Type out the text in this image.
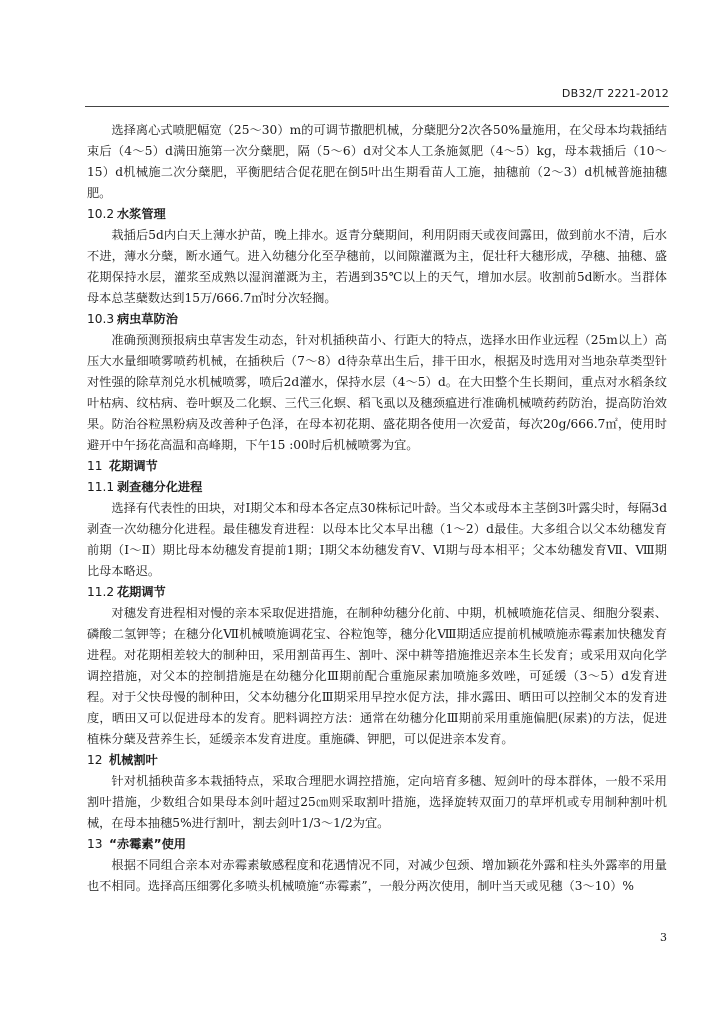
DB32/T 2221-2012

选择离心式喷肥幅宽（25～30）m的可调节撒肥机械，分蘖肥分2次各50%量施用，在父母本均栽插结束后（4～5）d满田施第一次分蘖肥，隔（5～6）d对父本人工条施氮肥（4～5）kg，母本栽插后（10～15）d机械施二次分蘖肥，平衡肥结合促花肥在倒5叶出生期看苗人工施，抽穗前（2～3）d机械普施抽穗肥。

10.2 水浆管理

栽插后5d内白天上薄水护苗，晚上排水。返青分蘖期间，利用阴雨天或夜间露田，做到前水不清，后水不进，薄水分蘖，断水通气。进入幼穗分化至孕穗前，以间隙灌溉为主，促壮秆大穗形成，孕穗、抽穗、盛花期保持水层，灌浆至成熟以湿润灌溉为主，若遇到35℃以上的天气，增加水层。收割前5d断水。当群体母本总茎蘖数达到15万/666.7㎡时分次轻搁。

10.3 病虫草防治

准确预测预报病虫草害发生动态，针对机插秧苗小、行距大的特点，选择水田作业远程（25m以上）高压大水量细喷雾喷药机械，在插秧后（7～8）d待杂草出生后，排干田水，根据及时选用对当地杂草类型针对性强的除草剂兑水机械喷雾，喷后2d灌水，保持水层（4～5）d。在大田整个生长期间，重点对水稻条纹叶枯病、纹枯病、卷叶螟及二化螟、三代三化螟、稻飞虱以及穗颈瘟进行准确机械喷药药防治，提高防治效果。防治谷粒黑粉病及改善种子色泽，在母本初花期、盛花期各使用一次爱苗，每次20g/666.7㎡，使用时避开中午扬花高温和高峰期，下午15 :00时后机械喷雾为宜。

11 花期调节

11.1 剥查穗分化进程

选择有代表性的田块，对Ⅰ期父本和母本各定点30株标记叶龄。当父本或母本主茎倒3叶露尖时，每隔3d剥查一次幼穗分化进程。最佳穗发育进程：以母本比父本早出穗（1～2）d最佳。大多组合以父本幼穗发育前期（Ⅰ～Ⅱ）期比母本幼穗发育提前1期；Ⅰ期父本幼穗发育Ⅴ、Ⅵ期与母本相平；父本幼穗发育Ⅶ、Ⅷ期比母本略迟。

11.2 花期调节

对穗发育进程相对慢的亲本采取促进措施，在制种幼穗分化前、中期，机械喷施花信灵、细胞分裂素、磷酸二氢钾等；在穗分化Ⅶ机械喷施调花宝、谷粒饱等，穗分化Ⅷ期适应提前机械喷施赤霉素加快穗发育进程。对花期相差较大的制种田，采用割苗再生、割叶、深中耕等措施推迟亲本生长发育；或采用双向化学调控措施，对父本的控制措施是在幼穗分化Ⅲ期前配合重施尿素加喷施多效唑，可延缓（3～5）d发育进程。对于父快母慢的制种田，父本幼穗分化Ⅲ期采用早控水促方法，排水露田、晒田可以控制父本的发育进度，晒田又可以促进母本的发育。肥料调控方法：通常在幼穗分化Ⅲ期前采用重施偏肥(尿素)的方法，促进植株分蘖及营养生长，延缓亲本发育进度。重施磷、钾肥，可以促进亲本发育。

12 机械割叶

针对机插秧苗多本栽插特点，采取合理肥水调控措施，定向培育多穗、短剑叶的母本群体，一般不采用割叶措施，少数组合如果母本剑叶超过25㎝则采取割叶措施，选择旋转双面刀的草坪机或专用制种割叶机械，在母本抽穗5%进行割叶，割去剑叶1/3～1/2为宜。

13 “赤霉素”使用

根据不同组合亲本对赤霉素敏感程度和花遇情况不同，对减少包颈、增加颖花外露和柱头外露率的用量也不相同。选择高压细雾化多喷头机械喷施“赤霉素”，一般分两次使用，制叶当天或见穗（3～10）%

3
